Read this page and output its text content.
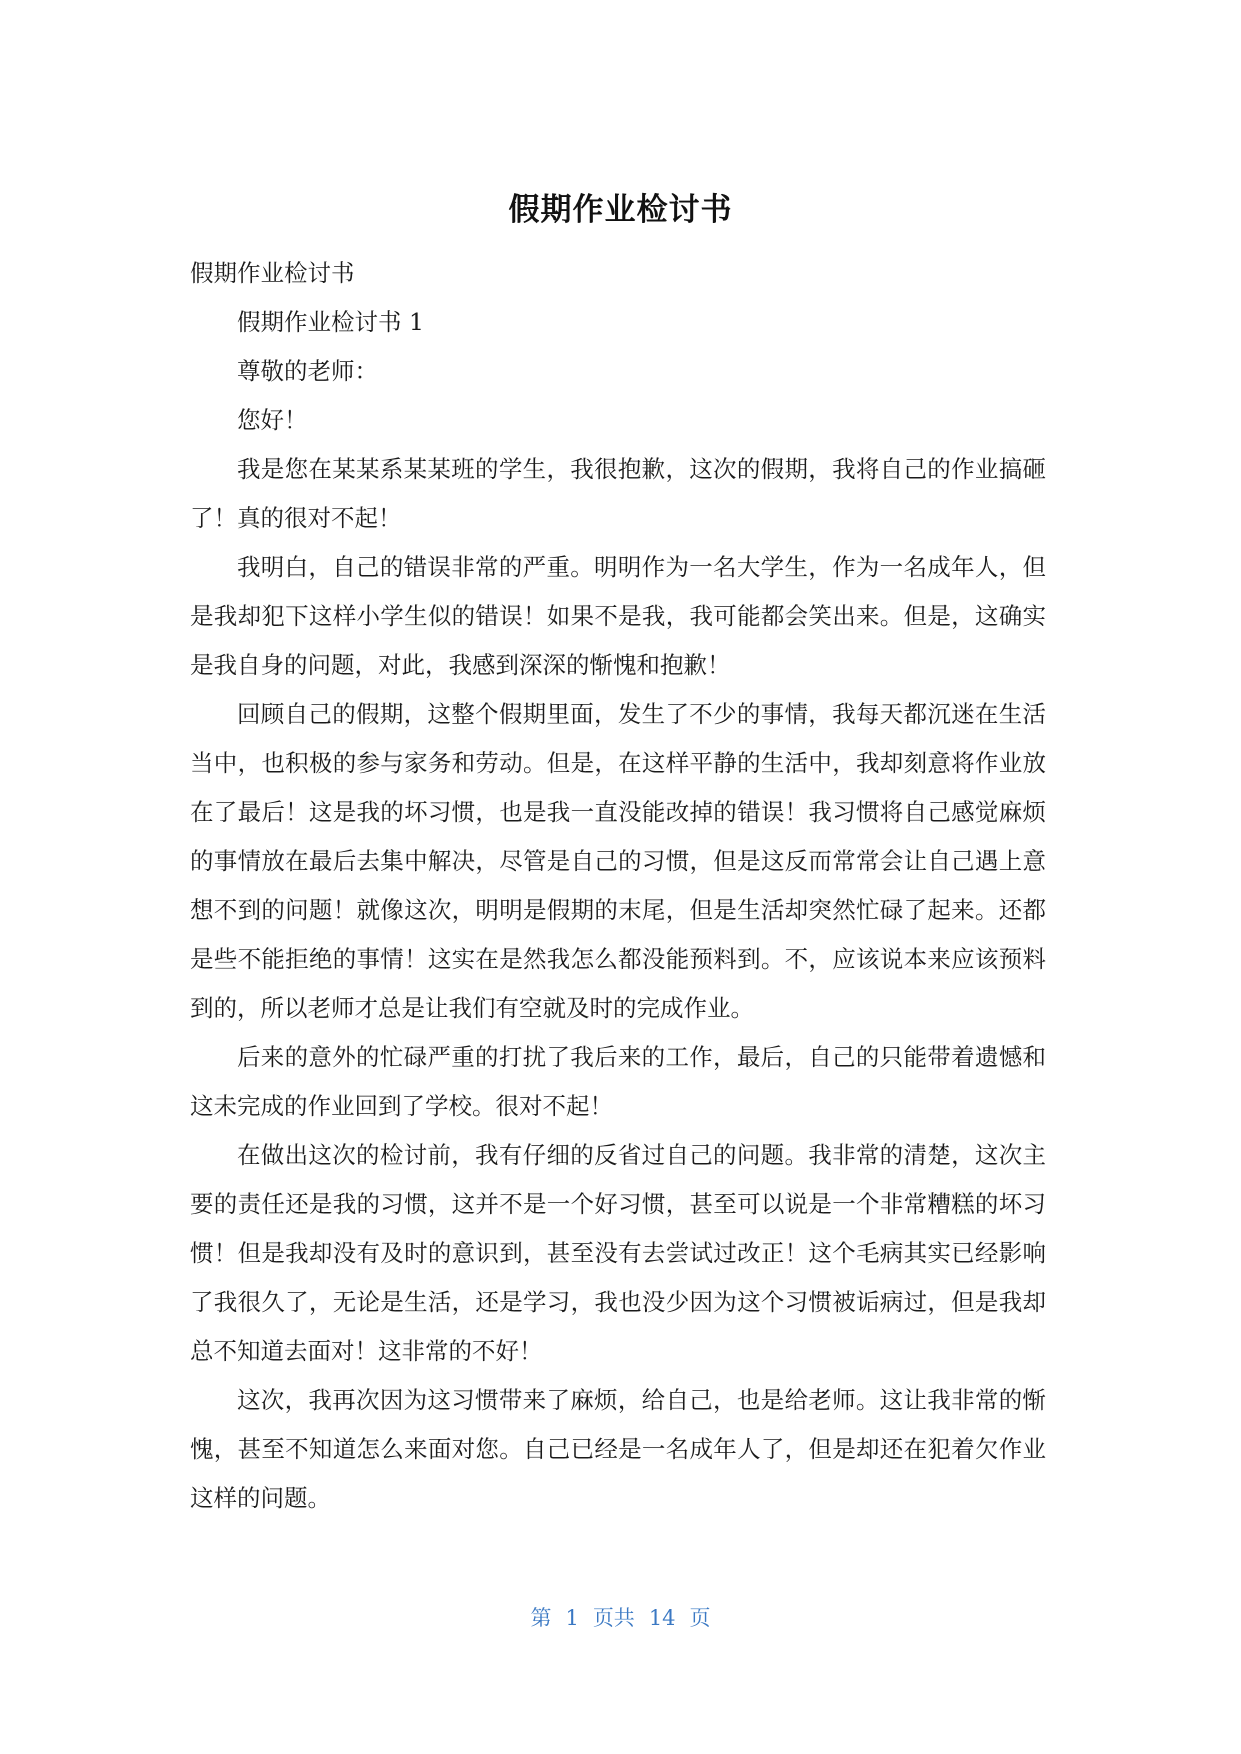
假期作业检讨书

假期作业检讨书

假期作业检讨书 1

尊敬的老师：

您好！

我是您在某某系某某班的学生，我很抱歉，这次的假期，我将自己的作业搞砸了！真的很对不起！

我明白，自己的错误非常的严重。明明作为一名大学生，作为一名成年人，但是我却犯下这样小学生似的错误！如果不是我，我可能都会笑出来。但是，这确实是我自身的问题，对此，我感到深深的惭愧和抱歉！

回顾自己的假期，这整个假期里面，发生了不少的事情，我每天都沉迷在生活当中，也积极的参与家务和劳动。但是，在这样平静的生活中，我却刻意将作业放在了最后！这是我的坏习惯，也是我一直没能改掉的错误！我习惯将自己感觉麻烦的事情放在最后去集中解决，尽管是自己的习惯，但是这反而常常会让自己遇上意想不到的问题！就像这次，明明是假期的末尾，但是生活却突然忙碌了起来。还都是些不能拒绝的事情！这实在是然我怎么都没能预料到。不，应该说本来应该预料到的，所以老师才总是让我们有空就及时的完成作业。

后来的意外的忙碌严重的打扰了我后来的工作，最后，自己的只能带着遗憾和这未完成的作业回到了学校。很对不起！

在做出这次的检讨前，我有仔细的反省过自己的问题。我非常的清楚，这次主要的责任还是我的习惯，这并不是一个好习惯，甚至可以说是一个非常糟糕的坏习惯！但是我却没有及时的意识到，甚至没有去尝试过改正！这个毛病其实已经影响了我很久了，无论是生活，还是学习，我也没少因为这个习惯被诟病过，但是我却总不知道去面对！这非常的不好！

这次，我再次因为这习惯带来了麻烦，给自己，也是给老师。这让我非常的惭愧，甚至不知道怎么来面对您。自己已经是一名成年人了，但是却还在犯着欠作业这样的问题。

第 1 页共 14 页
